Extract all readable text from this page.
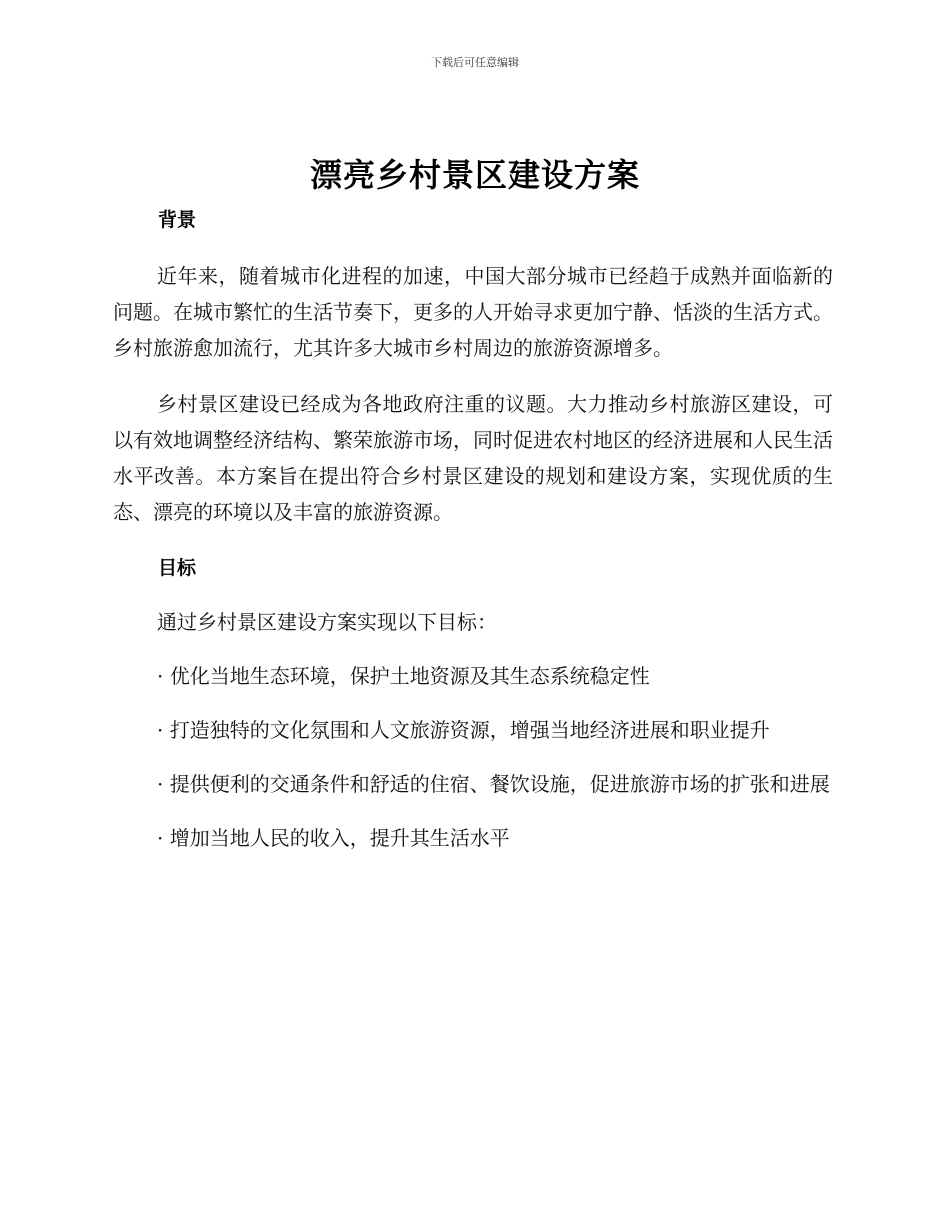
下载后可任意编辑
漂亮乡村景区建设方案
背景

近年来，随着城市化进程的加速，中国大部分城市已经趋于成熟并面临新的问题。在城市繁忙的生活节奏下，更多的人开始寻求更加宁静、恬淡的生活方式。乡村旅游愈加流行，尤其许多大城市乡村周边的旅游资源增多。

乡村景区建设已经成为各地政府注重的议题。大力推动乡村旅游区建设，可以有效地调整经济结构、繁荣旅游市场，同时促进农村地区的经济进展和人民生活水平改善。本方案旨在提出符合乡村景区建设的规划和建设方案，实现优质的生态、漂亮的环境以及丰富的旅游资源。

目标

通过乡村景区建设方案实现以下目标：

· 优化当地生态环境，保护土地资源及其生态系统稳定性

· 打造独特的文化氛围和人文旅游资源，增强当地经济进展和职业提升

· 提供便利的交通条件和舒适的住宿、餐饮设施，促进旅游市场的扩张和进展

· 增加当地人民的收入，提升其生活水平
